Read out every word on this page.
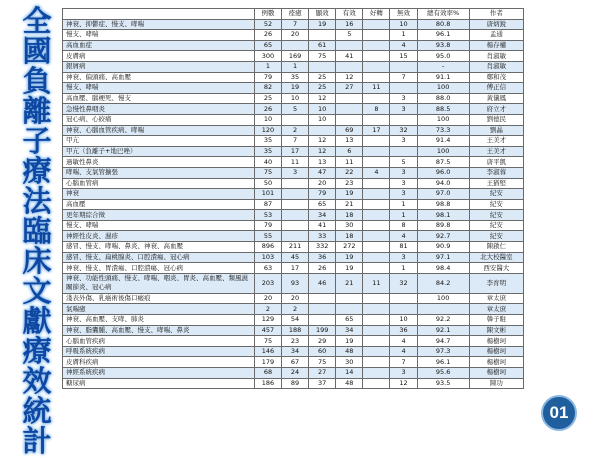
全
國
負
離
子
療
法
臨
床
文
獻
療
效
統
計
	例數	痊癒	顯效	有效	好轉	無效	總有效率%	作者
神衰、抑鬱症、慢支、哮喘	52	7	19	16		10	80.8	唐炳銳
慢支、哮喘	26	20		5		1	96.1	孟通
高血血症	65		61			4	93.8	楊存權
皮膚病	300	169	75	41		15	95.0	肖淑敏
銀屑病	1	1					-	肖淑敏
神衰、偏頭痛、高血壓	79	35	25	12		7	91.1	鄭和茂
慢支、哮喘	82	19	25	27	11		100	傅正信
高血壓、腦梗死、慢支	25	10	12			3	88.0	黃儀鳳
急慢性鼻咽炎	26	5	10		8	3	88.5	府立才
冠心病、心絞痛	10		10				100	劉德民
神衰、心腦血管疾病、哮喘	120	2		69	17	32	73.3	劉晶
甲亢	35	7	12	13		3	91.4	王美才
甲亢（負離子+地巴唑）	35	17	12	6			100	王美才
過敏性鼻炎	40	11	13	11		5	87.5	唐平凱
哮喘、支氣管擴張	75	3	47	22	4	3	96.0	李淑蓉
心腦血管病	50		20	23		3	94.0	王猶堅
神衰	101		79	19		3	97.0	紀安
高血壓	87		65	21		1	98.8	紀安
更年期綜合徵	53		34	18		1	98.1	紀安
慢支、哮喘	79		41	30		8	89.8	紀安
神經性皮炎、濕疹	55		33	18		4	92.7	紀安
感冒、慢支、哮喘、鼻炎、神衰、高血壓	896	211	332	272		81	90.9	陳啟仁
感冒、慢支、扁桃腺炎、口腔潰瘍、冠心病	103	45	36	19		3	97.1	北大校醫室
神衰、慢支、胃潰瘍、口腔潰瘍、冠心病	63	17	26	19		1	98.4	西安醫大
神衰、功能性頭痛、慢支、哮喘、咽炎、胃炎、高血壓、類風濕關節炎、冠心病	203	93	46	21	11	32	84.2	李育明
淺表外傷、乳癌術後傷口瘢痕	20	20					100	章太庶
氣喘癒	2	2						章太庶
神衰、高血壓、支哮、肺炎	129	54		65		10	92.2	韓子駐
神衰、脂囊腫、高血壓、慢支、哮喘、鼻炎	457	188	199	34		36	92.1	陳文彬
心腦血管疾病	75	23	29	19		4	94.7	楊樹珂
呼吸系統疾病	146	34	60	48		4	97.3	楊樹珂
皮膚科疾病	179	67	75	30		7	96.1	楊樹珂
神經系統疾病	68	24	27	14		3	95.6	楊樹珂
糖尿病	186	89	37	48		12	93.5	陳功
01
